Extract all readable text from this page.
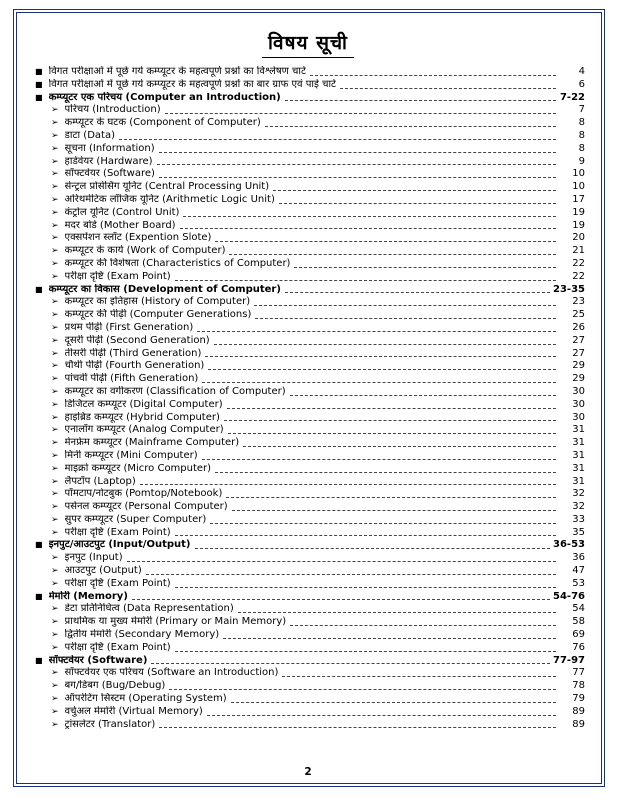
विषय सूची
■ विगत परीक्षाओं में पूछे गये कम्प्यूटर के महत्वपूर्ण प्रश्नों का विश्लेषण चार्ट	4
■ विगत परीक्षाओं में पूछे गये कम्प्यूटर के महत्वपूर्ण प्रश्नों का बार ग्राफ एवं पाई चार्ट	6
■ कम्प्यूटर एक परिचय (Computer an Introduction)	7-22
➢ परिचय (Introduction)	7
➢ कम्प्यूटर के घटक (Component of Computer)	8
➢ डाटा (Data)	8
➢ सूचना (Information)	8
➢ हार्डवेयर (Hardware)	9
➢ सॉफ्टवेयर (Software)	10
➢ सेन्ट्रल प्रोसेसिंग यूनिट (Central Processing Unit)	10
➢ अरिथमेटिक लॉजिक यूनिट (Arithmetic Logic Unit)	17
➢ कंट्रोल यूनिट (Control Unit)	19
➢ मदर बोर्ड (Mother Board)	19
➢ एक्सपेंशन स्लॉट (Expention Slote)	20
➢ कम्प्यूटर के कार्य (Work of Computer)	21
➢ कम्प्यूटर की विशेषता (Characteristics of Computer)	22
➢ परीक्षा दृष्टि (Exam Point)	22
■ कम्प्यूटर का विकास (Development of Computer)	23-35
➢ कम्प्यूटर का इतिहास (History of Computer)	23
➢ कम्प्यूटर की पीढ़ी (Computer Generations)	25
➢ प्रथम पीढ़ी (First Generation)	26
➢ दूसरी पीढ़ी (Second Generation)	27
➢ तीसरी पीढ़ी (Third Generation)	27
➢ चौथी पीढ़ी (Fourth Generation)	29
➢ पांचवीं पीढ़ी (Fifth Generation)	29
➢ कम्प्यूटर का वर्गीकरण (Classification of Computer)	30
➢ डिजिटल कम्प्यूटर (Digital Computer)	30
➢ हाइब्रिड कम्प्यूटर (Hybrid Computer)	30
➢ एनालॉग कम्प्यूटर (Analog Computer)	31
➢ मेनफ्रेम कम्प्यूटर (Mainframe Computer)	31
➢ मिनी कम्प्यूटर (Mini Computer)	31
➢ माइक्रो कम्प्यूटर (Micro Computer)	31
➢ लैपटॉप (Laptop)	31
➢ पॉमटाप/नोटबुक (Pomtop/Notebook)	32
➢ पर्सनल कम्प्यूटर (Personal Computer)	32
➢ सुपर कम्प्यूटर (Super Computer)	33
➢ परीक्षा दृष्टि (Exam Point)	35
■ इनपुट/आउटपुट (Input/Output)	36-53
➢ इनपुट (Input)	36
➢ आउटपुट (Output)	47
➢ परीक्षा दृष्टि (Exam Point)	53
■ मेमोरी (Memory)	54-76
➢ डेटा प्रतिनिधित्व (Data Representation)	54
➢ प्राथमिक या मुख्य मेमोरी (Primary or Main Memory)	58
➢ द्वितीय मेमोरी (Secondary Memory)	69
➢ परीक्षा दृष्टि (Exam Point)	76
■ सॉफ्टवेयर (Software)	77-97
➢ सॉफ्टवेयर एक परिचय (Software an Introduction)	77
➢ बग/डिबग (Bug/Debug)	78
➢ ऑपरेटिंग सिस्टम (Operating System)	79
➢ वर्चुअल मेमोरी (Virtual Memory)	89
➢ ट्रांसलेटर (Translator)	89
2
